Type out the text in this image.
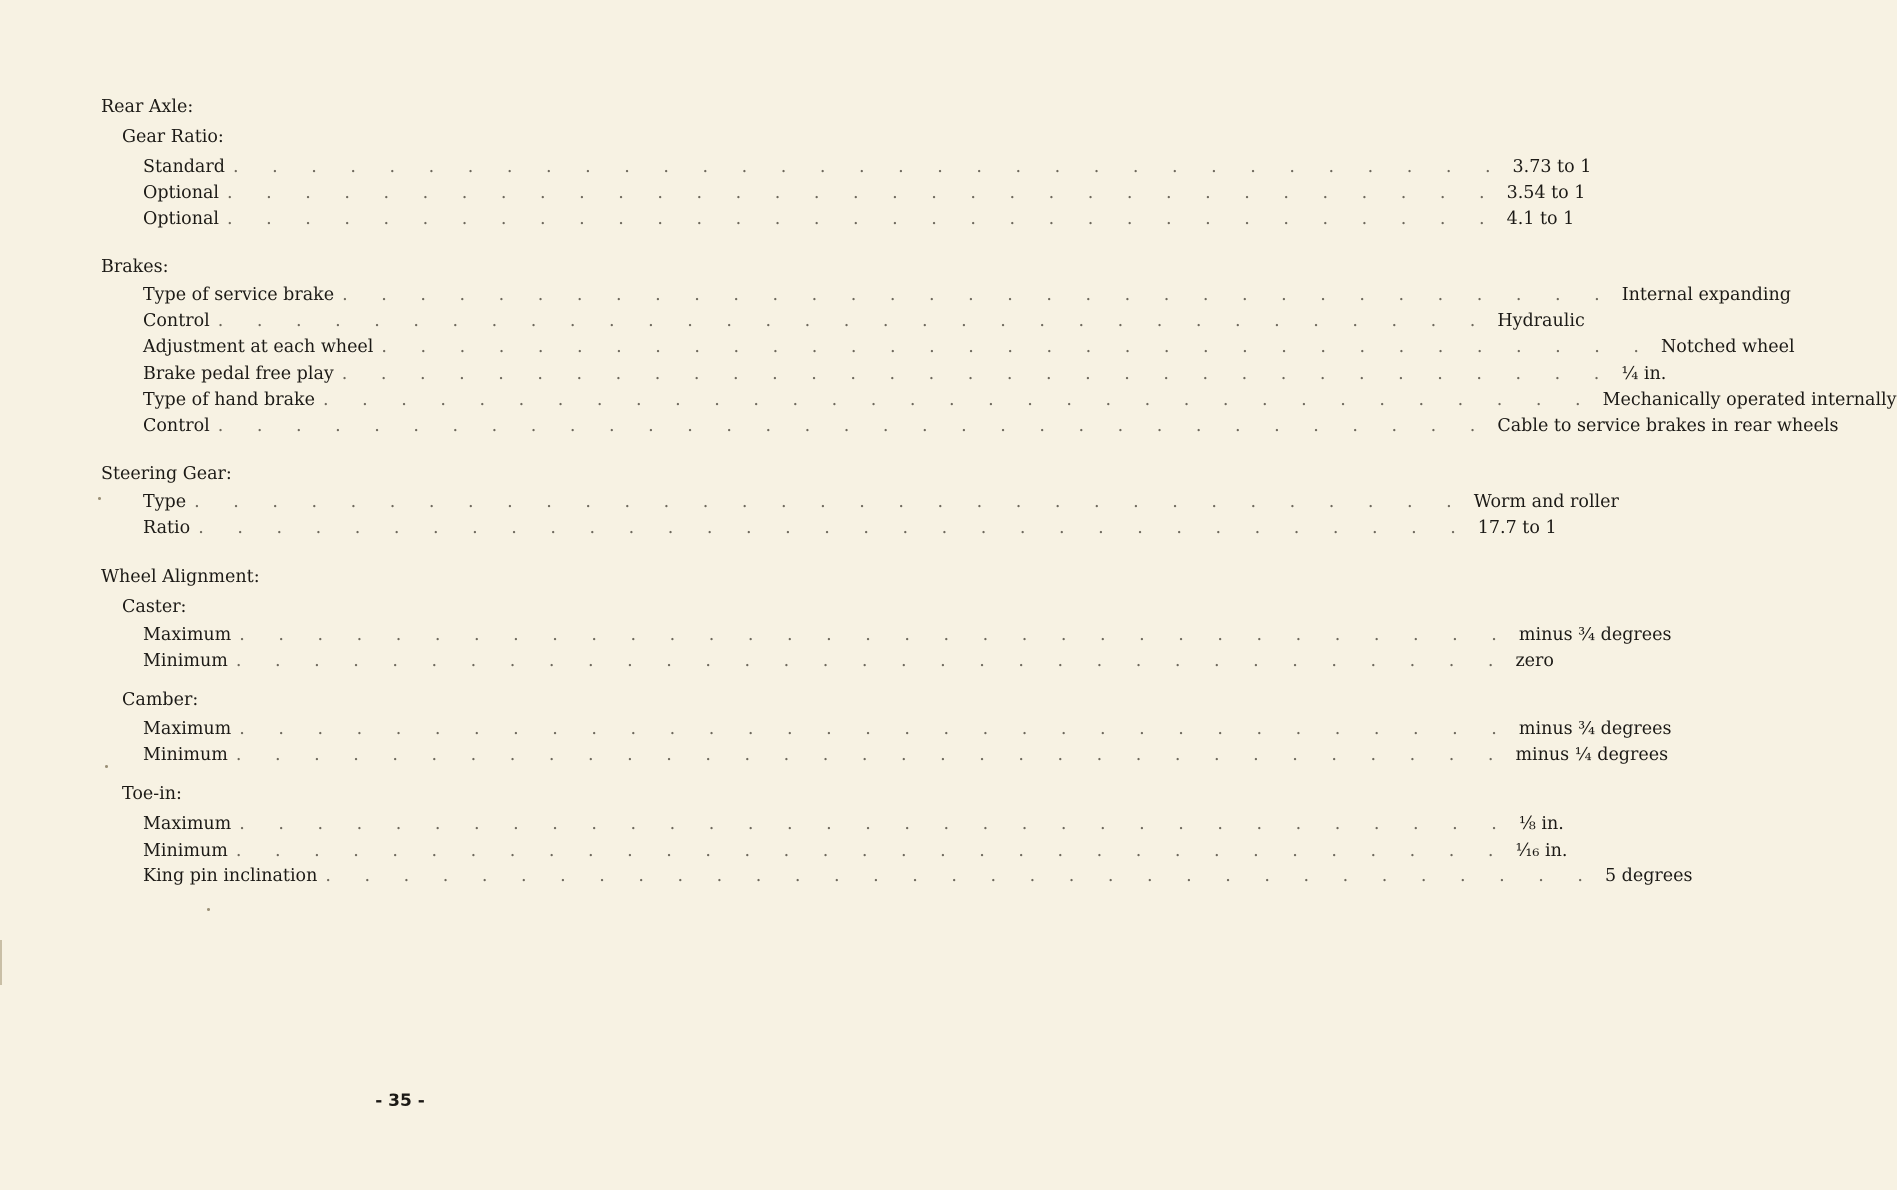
Rear Axle:
Gear Ratio:
Standard . . . . . . . . . . . . . . . . . . . . . . . . . . . . . . . . . 3.73 to 1
Optional . . . . . . . . . . . . . . . . . . . . . . . . . . . . . . . . . 3.54 to 1
Optional . . . . . . . . . . . . . . . . . . . . . . . . . . . . . . . . . 4.1 to 1
Brakes:
Type of service brake . . . . . . . . . . . . . . . . . . . . . . . . . . . . . . . . . Internal expanding
Control . . . . . . . . . . . . . . . . . . . . . . . . . . . . . . . . . Hydraulic
Adjustment at each wheel . . . . . . . . . . . . . . . . . . . . . . . . . . . . . . . . . Notched wheel
Brake pedal free play . . . . . . . . . . . . . . . . . . . . . . . . . . . . . . . . . ¼ in.
Type of hand brake . . . . . . . . . . . . . . . . . . . . . . . . . . . . . . . . . Mechanically operated internally
Control . . . . . . . . . . . . . . . . . . . . . . . . . . . . . . . . . Cable to service brakes in rear wheels
Steering Gear:
Type . . . . . . . . . . . . . . . . . . . . . . . . . . . . . . . . . Worm and roller
Ratio . . . . . . . . . . . . . . . . . . . . . . . . . . . . . . . . . 17.7 to 1
Wheel Alignment:
Caster:
Maximum . . . . . . . . . . . . . . . . . . . . . . . . . . . . . . . . . minus ¾ degrees
Minimum . . . . . . . . . . . . . . . . . . . . . . . . . . . . . . . . . zero
Camber:
Maximum . . . . . . . . . . . . . . . . . . . . . . . . . . . . . . . . . minus ¾ degrees
Minimum . . . . . . . . . . . . . . . . . . . . . . . . . . . . . . . . . minus ¼ degrees
Toe-in:
Maximum . . . . . . . . . . . . . . . . . . . . . . . . . . . . . . . . . ⅛ in.
Minimum . . . . . . . . . . . . . . . . . . . . . . . . . . . . . . . . . ¹⁄₁₆ in.
King pin inclination . . . . . . . . . . . . . . . . . . . . . . . . . . . . . . . . . 5 degrees
- 35 -
